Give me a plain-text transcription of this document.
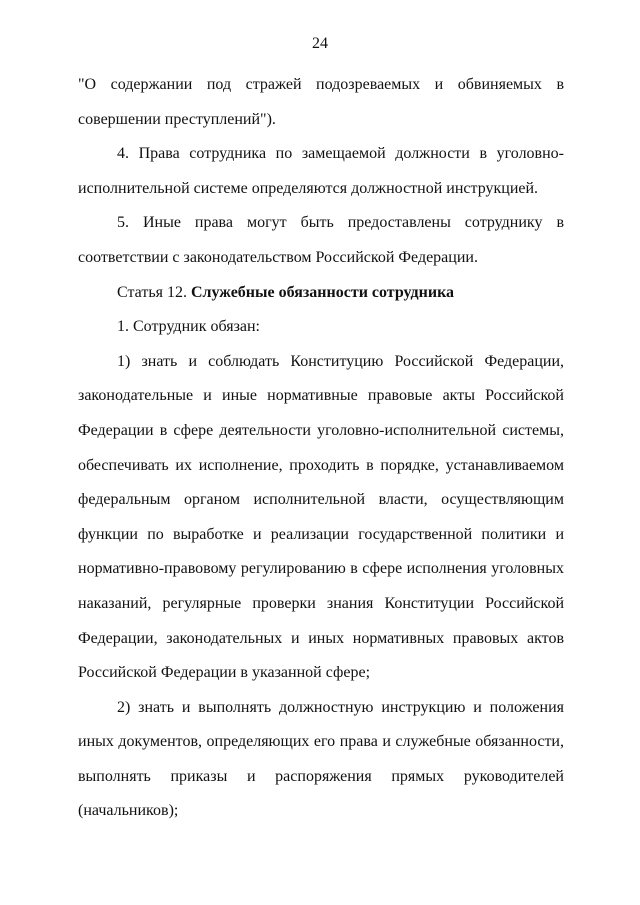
24

"О содержании под стражей подозреваемых и обвиняемых в совершении преступлений").

4. Права сотрудника по замещаемой должности в уголовно-исполнительной системе определяются должностной инструкцией.

5. Иные права могут быть предоставлены сотруднику в соответствии с законодательством Российской Федерации.

Статья 12. Служебные обязанности сотрудника

1. Сотрудник обязан:

1) знать и соблюдать Конституцию Российской Федерации, законодательные и иные нормативные правовые акты Российской Федерации в сфере деятельности уголовно-исполнительной системы, обеспечивать их исполнение, проходить в порядке, устанавливаемом федеральным органом исполнительной власти, осуществляющим функции по выработке и реализации государственной политики и нормативно-правовому регулированию в сфере исполнения уголовных наказаний, регулярные проверки знания Конституции Российской Федерации, законодательных и иных нормативных правовых актов Российской Федерации в указанной сфере;

2) знать и выполнять должностную инструкцию и положения иных документов, определяющих его права и служебные обязанности, выполнять приказы и распоряжения прямых руководителей (начальников);
